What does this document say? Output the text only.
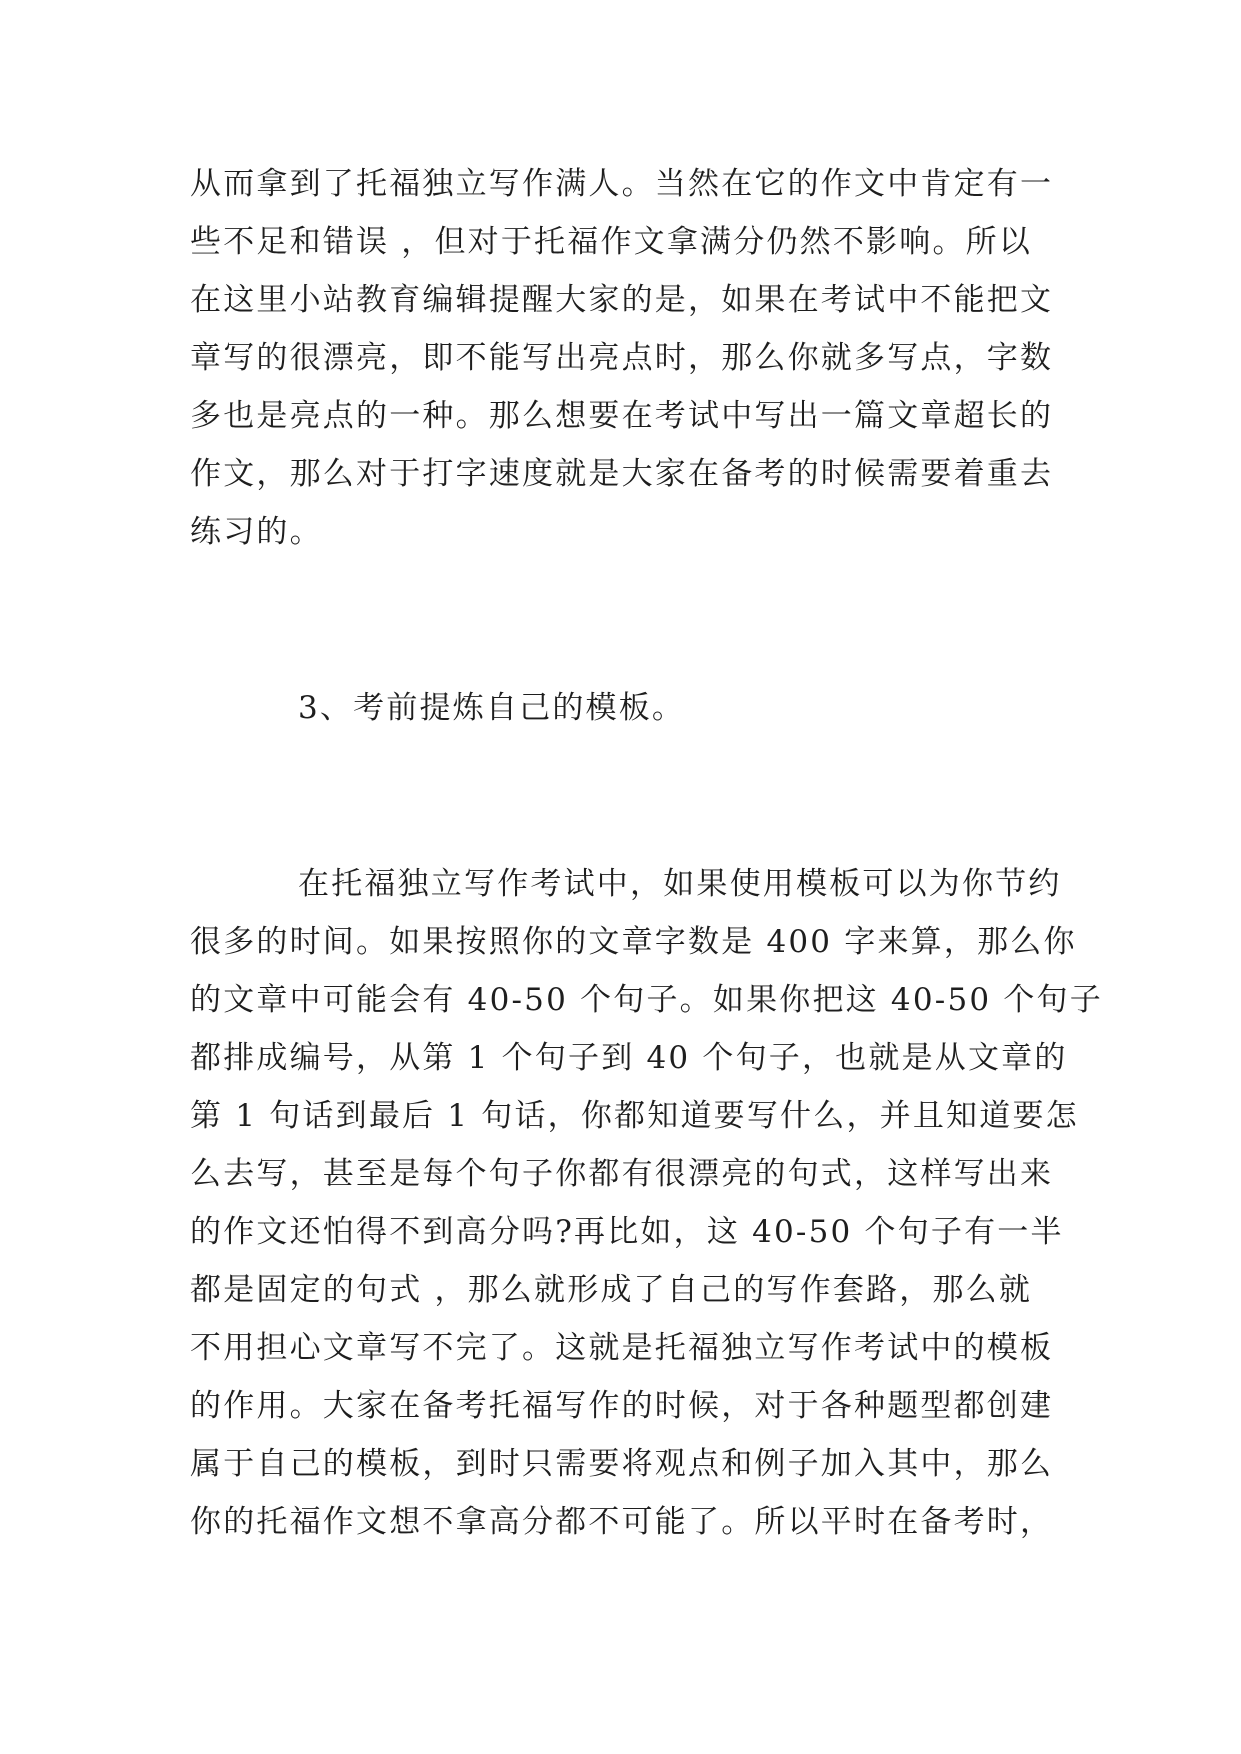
从而拿到了托福独立写作满人。当然在它的作文中肯定有一
些不足和错误 ，但对于托福作文拿满分仍然不影响。所以
在这里小站教育编辑提醒大家的是，如果在考试中不能把文
章写的很漂亮，即不能写出亮点时，那么你就多写点，字数
多也是亮点的一种。那么想要在考试中写出一篇文章超长的
作文，那么对于打字速度就是大家在备考的时候需要着重去
练习的。
3、考前提炼自己的模板。
在托福独立写作考试中，如果使用模板可以为你节约
很多的时间。如果按照你的文章字数是 400 字来算，那么你
的文章中可能会有 40-50 个句子。如果你把这 40-50 个句子
都排成编号，从第 1 个句子到 40 个句子，也就是从文章的
第 1 句话到最后 1 句话，你都知道要写什么，并且知道要怎
么去写，甚至是每个句子你都有很漂亮的句式，这样写出来
的作文还怕得不到高分吗?再比如，这 40-50 个句子有一半
都是固定的句式 ，那么就形成了自己的写作套路，那么就
不用担心文章写不完了。这就是托福独立写作考试中的模板
的作用。大家在备考托福写作的时候，对于各种题型都创建
属于自己的模板，到时只需要将观点和例子加入其中，那么
你的托福作文想不拿高分都不可能了。所以平时在备考时，
